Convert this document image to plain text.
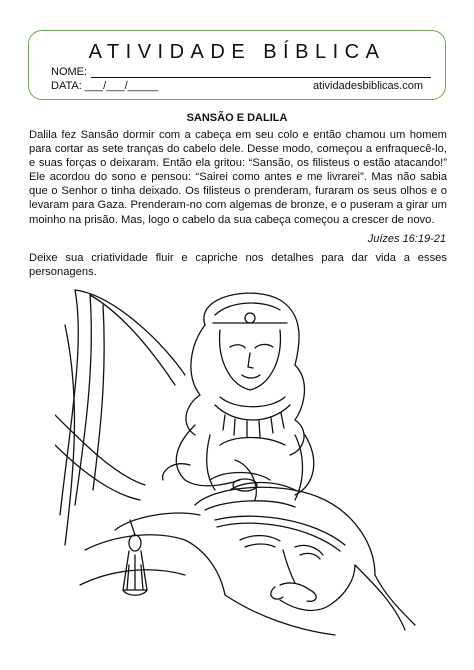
ATIVIDADE BÍBLICA
NOME:
DATA: ___/___/_____	atividadesbiblicas.com
SANSÃO E DALILA
Dalila fez Sansão dormir com a cabeça em seu colo e então chamou um homem para cortar as sete tranças do cabelo dele. Desse modo, começou a enfraquecê-lo, e suas forças o deixaram. Então ela gritou: “Sansão, os filisteus o estão atacando!” Ele acordou do sono e pensou: “Sairei como antes e me livrarei”. Mas não sabia que o Senhor o tinha deixado. Os filisteus o prenderam, furaram os seus olhos e o levaram para Gaza. Prenderam-no com algemas de bronze, e o puseram a girar um moinho na prisão. Mas, logo o cabelo da sua cabeça começou a crescer de novo.
Juízes 16:19-21
Deixe sua criatividade fluir e capriche nos detalhes para dar vida a esses personagens.
